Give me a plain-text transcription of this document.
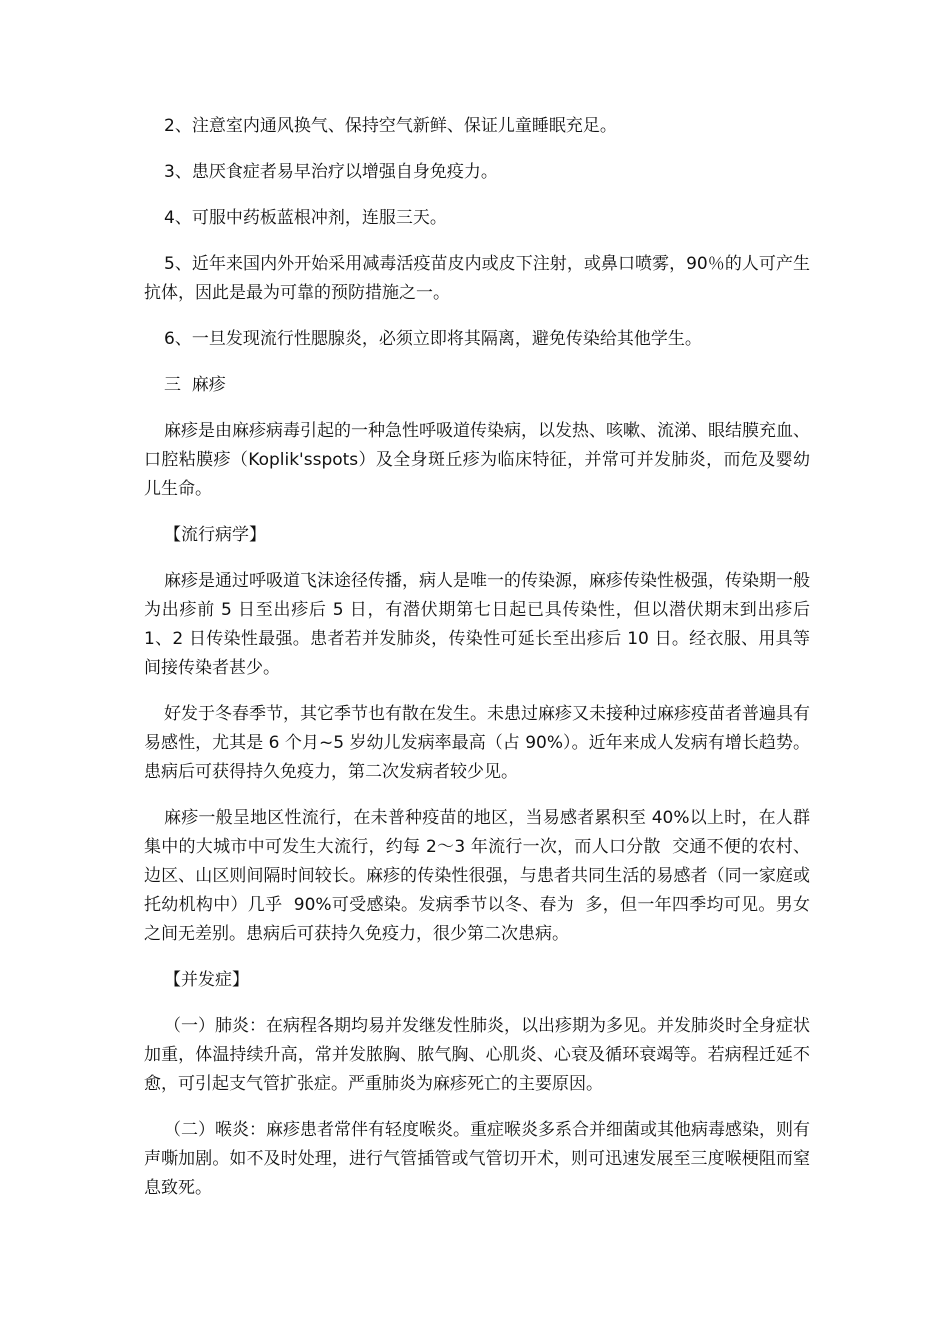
2、注意室内通风换气、保持空气新鲜、保证儿童睡眠充足。

3、患厌食症者易早治疗以增强自身免疫力。

4、可服中药板蓝根冲剂，连服三天。

5、近年来国内外开始采用减毒活疫苗皮内或皮下注射，或鼻口喷雾，90％的人可产生抗体，因此是最为可靠的预防措施之一。

6、一旦发现流行性腮腺炎，必须立即将其隔离，避免传染给其他学生。

三  麻疹

麻疹是由麻疹病毒引起的一种急性呼吸道传染病，以发热、咳嗽、流涕、眼结膜充血、口腔粘膜疹（Koplik'sspots）及全身斑丘疹为临床特征，并常可并发肺炎，而危及婴幼儿生命。

【流行病学】

麻疹是通过呼吸道飞沫途径传播，病人是唯一的传染源，麻疹传染性极强，传染期一般为出疹前 5 日至出疹后 5 日，有潜伏期第七日起已具传染性，但以潜伏期末到出疹后 1、2 日传染性最强。患者若并发肺炎，传染性可延长至出疹后 10 日。经衣服、用具等间接传染者甚少。

好发于冬春季节，其它季节也有散在发生。未患过麻疹又未接种过麻疹疫苗者普遍具有易感性，尤其是 6 个月~5 岁幼儿发病率最高（占 90%）。近年来成人发病有增长趋势。患病后可获得持久免疫力，第二次发病者较少见。

麻疹一般呈地区性流行，在未普种疫苗的地区，当易感者累积至 40%以上时，在人群集中的大城市中可发生大流行，约每 2～3 年流行一次，而人口分散  交通不便的农村、边区、山区则间隔时间较长。麻疹的传染性很强，与患者共同生活的易感者（同一家庭或托幼机构中）几乎  90%可受感染。发病季节以冬、春为  多，但一年四季均可见。男女之间无差别。患病后可获持久免疫力，很少第二次患病。

【并发症】

（一）肺炎：在病程各期均易并发继发性肺炎，以出疹期为多见。并发肺炎时全身症状加重，体温持续升高，常并发脓胸、脓气胸、心肌炎、心衰及循环衰竭等。若病程迁延不愈，可引起支气管扩张症。严重肺炎为麻疹死亡的主要原因。

（二）喉炎：麻疹患者常伴有轻度喉炎。重症喉炎多系合并细菌或其他病毒感染，则有声嘶加剧。如不及时处理，进行气管插管或气管切开术，则可迅速发展至三度喉梗阻而窒息致死。
